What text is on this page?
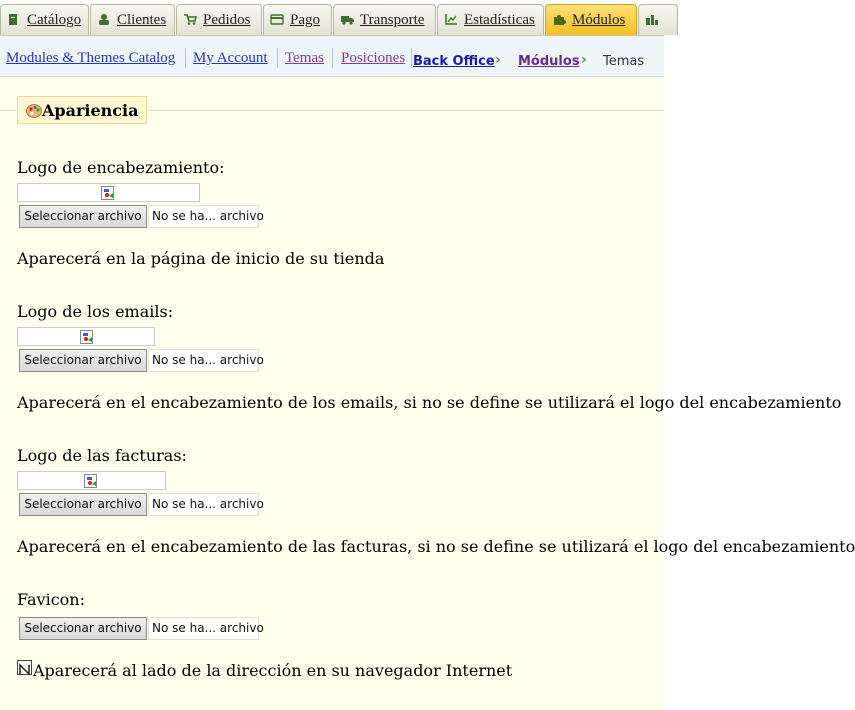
Catálogo	Clientes	Pedidos	Pago	Transporte	Estadísticas	Módulos
Modules & Themes Catalog My Account Temas Posiciones Back Office › Módulos › Temas
Apariencia
Logo de encabezamiento:
Seleccionar archivo No se ha... archivo
Aparecerá en la página de inicio de su tienda
Logo de los emails:
Seleccionar archivo No se ha... archivo
Aparecerá en el encabezamiento de los emails, si no se define se utilizará el logo del encabezamiento
Logo de las facturas:
Seleccionar archivo No se ha... archivo
Aparecerá en el encabezamiento de las facturas, si no se define se utilizará el logo del encabezamiento
Favicon:
Seleccionar archivo No se ha... archivo
Aparecerá al lado de la dirección en su navegador Internet
